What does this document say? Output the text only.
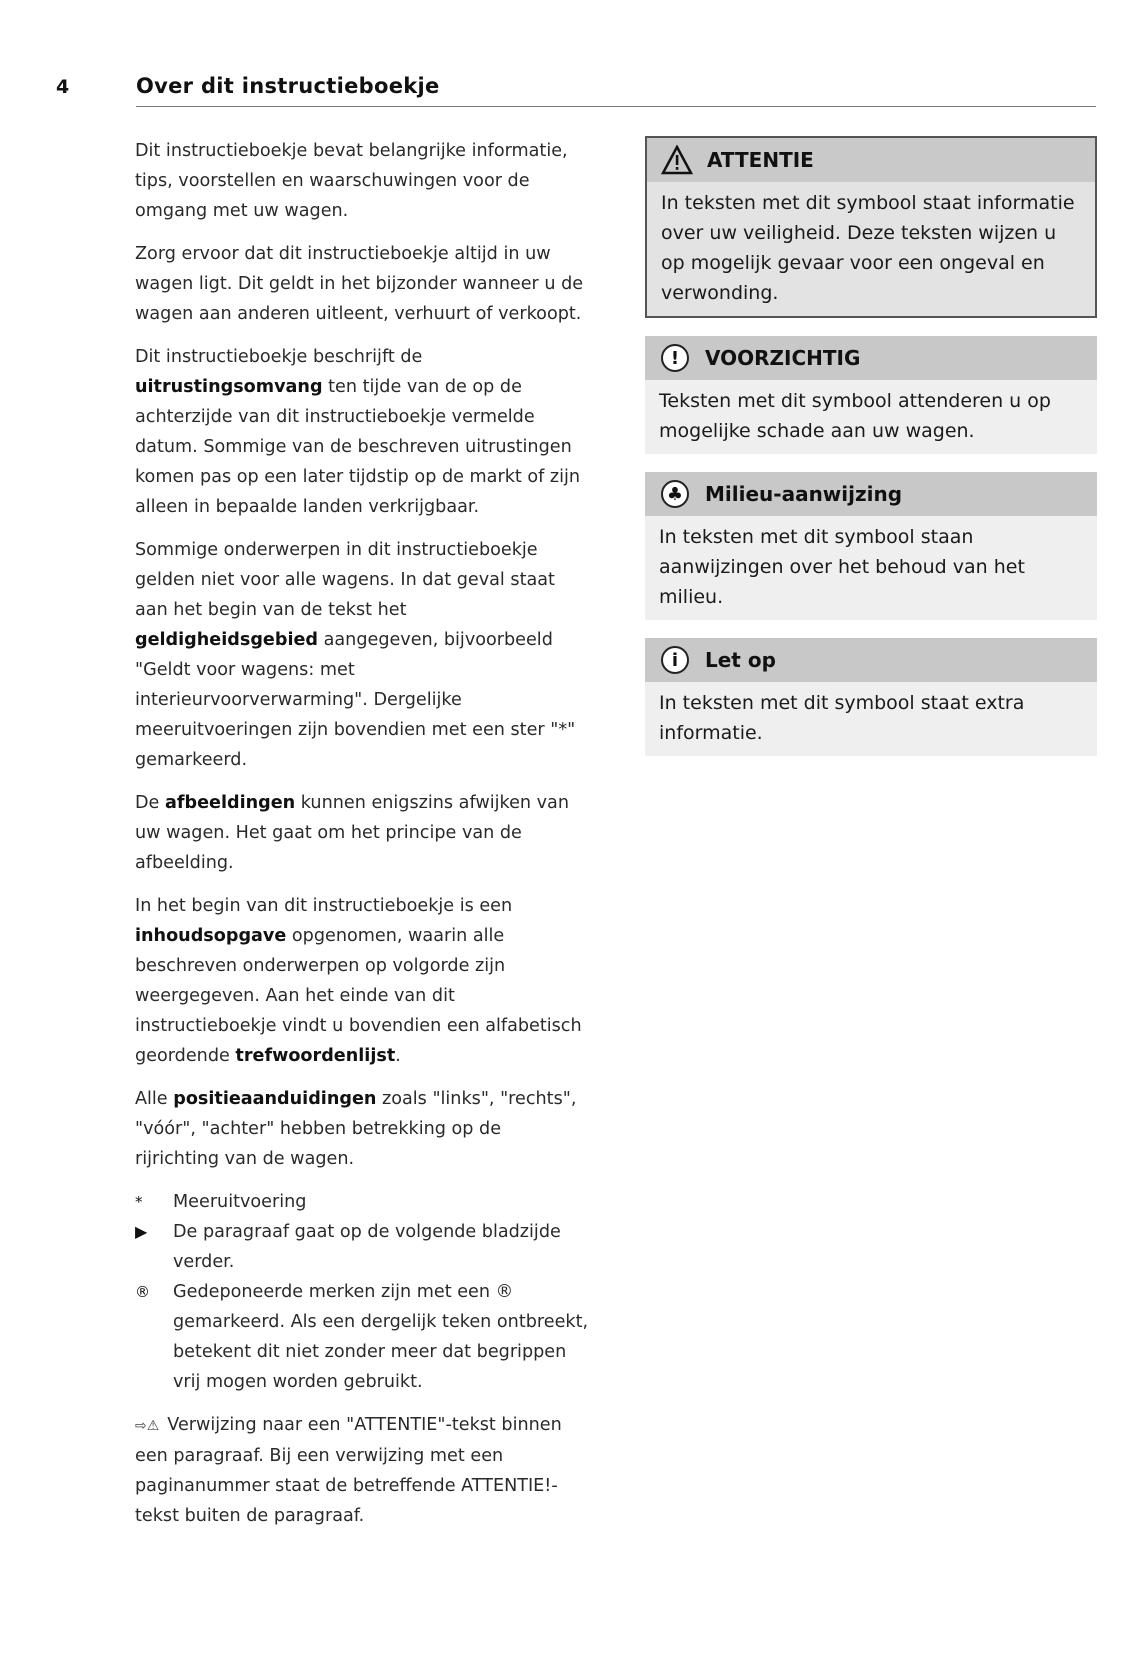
4	Over dit instructieboekje

Dit instructieboekje bevat belangrijke informatie, tips, voorstellen en waarschuwingen voor de omgang met uw wagen.

Zorg ervoor dat dit instructieboekje altijd in uw wagen ligt. Dit geldt in het bijzonder wanneer u de wagen aan anderen uitleent, verhuurt of verkoopt.

Dit instructieboekje beschrijft de uitrustingsomvang ten tijde van de op de achterzijde van dit instructieboekje vermelde datum. Sommige van de beschreven uitrustingen komen pas op een later tijdstip op de markt of zijn alleen in bepaalde landen verkrijgbaar.

Sommige onderwerpen in dit instructieboekje gelden niet voor alle wagens. In dat geval staat aan het begin van de tekst het geldigheidsgebied aangegeven, bijvoorbeeld "Geldt voor wagens: met interieurvoorverwarming". Dergelijke meeruitvoeringen zijn bovendien met een ster "*" gemarkeerd.

De afbeeldingen kunnen enigszins afwijken van uw wagen. Het gaat om het principe van de afbeelding.

In het begin van dit instructieboekje is een inhoudsopgave opgenomen, waarin alle beschreven onderwerpen op volgorde zijn weergegeven. Aan het einde van dit instructieboekje vindt u bovendien een alfabetisch geordende trefwoordenlijst.

Alle positieaanduidingen zoals "links", "rechts", "vóór", "achter" hebben betrekking op de rijrichting van de wagen.

*	Meeruitvoering
▶	De paragraaf gaat op de volgende bladzijde verder.
®	Gedeponeerde merken zijn met een ® gemarkeerd. Als een dergelijk teken ontbreekt, betekent dit niet zonder meer dat begrippen vrij mogen worden gebruikt.

⇨⚠ Verwijzing naar een "ATTENTIE"-tekst binnen een paragraaf. Bij een verwijzing met een paginanummer staat de betreffende ATTENTIE!-tekst buiten de paragraaf.

ATTENTIE
In teksten met dit symbool staat informatie over uw veiligheid. Deze teksten wijzen u op mogelijk gevaar voor een ongeval en verwonding.
!	VOORZICHTIG
Teksten met dit symbool attenderen u op mogelijke schade aan uw wagen.
♣ Milieu-aanwijzing
In teksten met dit symbool staan aanwijzingen over het behoud van het milieu.
i	Let op
In teksten met dit symbool staat extra informatie.
